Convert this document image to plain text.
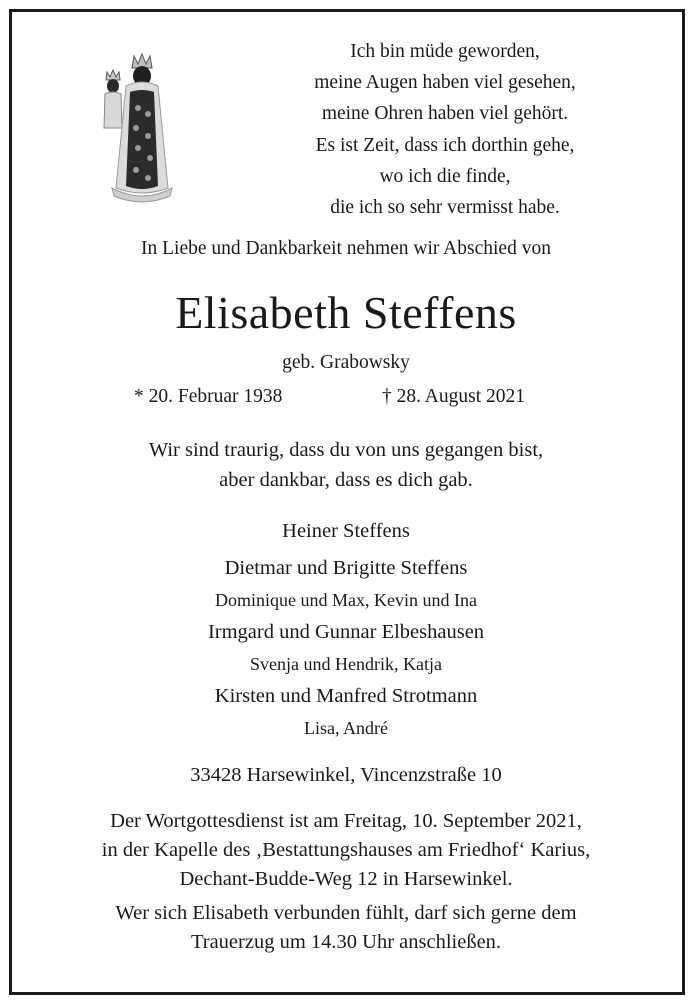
Ich bin müde geworden,
meine Augen haben viel gesehen,
meine Ohren haben viel gehört.
Es ist Zeit, dass ich dorthin gehe,
wo ich die finde,
die ich so sehr vermisst habe.
In Liebe und Dankbarkeit nehmen wir Abschied von
Elisabeth Steffens
geb. Grabowsky
* 20. Februar 1938	† 28. August 2021
Wir sind traurig, dass du von uns gegangen bist,
aber dankbar, dass es dich gab.
Heiner Steffens
Dietmar und Brigitte Steffens
Dominique und Max, Kevin und Ina
Irmgard und Gunnar Elbeshausen
Svenja und Hendrik, Katja
Kirsten und Manfred Strotmann
Lisa, André
33428 Harsewinkel, Vincenzstraße 10
Der Wortgottesdienst ist am Freitag, 10. September 2021,
in der Kapelle des ‚Bestattungshauses am Friedhof‘ Karius,
Dechant-Budde-Weg 12 in Harsewinkel.
Wer sich Elisabeth verbunden fühlt, darf sich gerne dem
Trauerzug um 14.30 Uhr anschließen.
